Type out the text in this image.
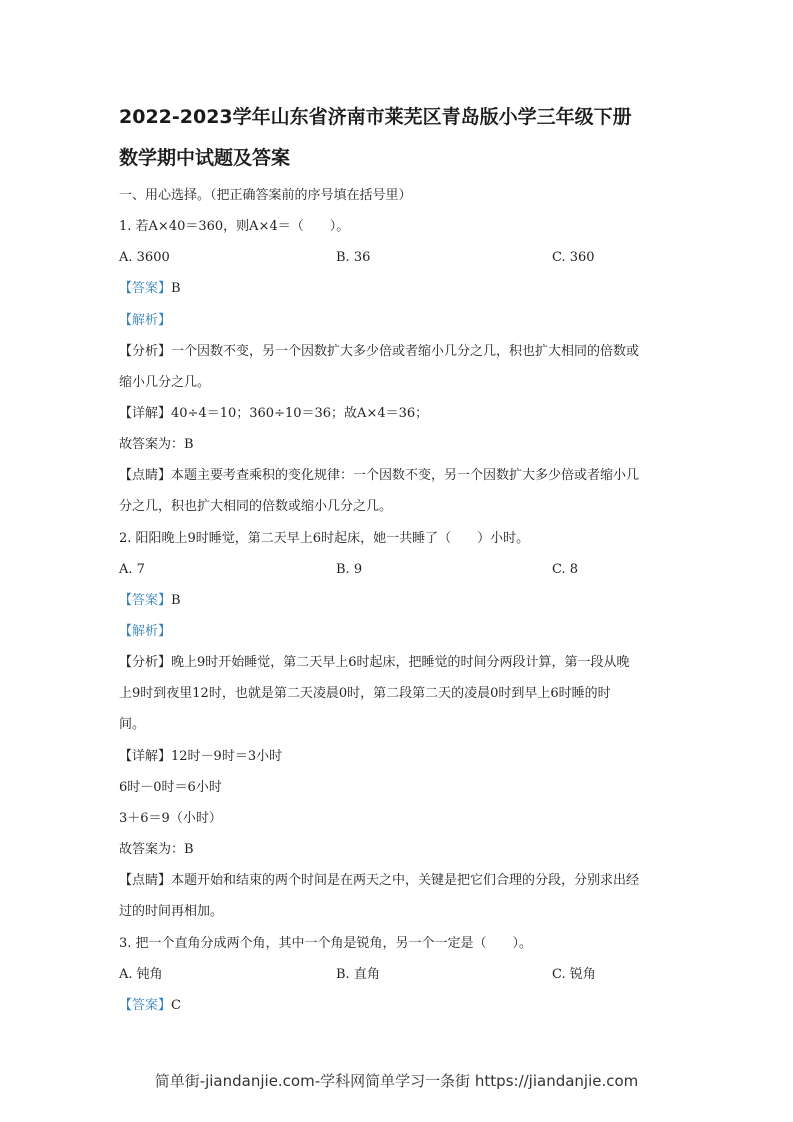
2022-2023学年山东省济南市莱芜区青岛版小学三年级下册
数学期中试题及答案
一、用心选择。（把正确答案前的序号填在括号里）
1. 若A×40＝360，则A×4＝（　　）。
A. 3600	B. 36	C. 360
【答案】B
【解析】
【分析】一个因数不变，另一个因数扩大多少倍或者缩小几分之几，积也扩大相同的倍数或
缩小几分之几。
【详解】40÷4＝10；360÷10＝36；故A×4＝36；
故答案为：B
【点睛】本题主要考查乘积的变化规律：一个因数不变，另一个因数扩大多少倍或者缩小几
分之几，积也扩大相同的倍数或缩小几分之几。
2. 阳阳晚上9时睡觉，第二天早上6时起床，她一共睡了（　　）小时。
A. 7	B. 9	C. 8
【答案】B
【解析】
【分析】晚上9时开始睡觉，第二天早上6时起床，把睡觉的时间分两段计算，第一段从晚
上9时到夜里12时，也就是第二天凌晨0时，第二段第二天的凌晨0时到早上6时睡的时
间。
【详解】12时－9时＝3小时
6时－0时＝6小时
3＋6＝9（小时）
故答案为：B
【点睛】本题开始和结束的两个时间是在两天之中，关键是把它们合理的分段，分别求出经
过的时间再相加。
3. 把一个直角分成两个角，其中一个角是锐角，另一个一定是（　　）。
A. 钝角	B. 直角	C. 锐角
【答案】C
简单街-jiandanjie.com-学科网简单学习一条街 https://jiandanjie.com
